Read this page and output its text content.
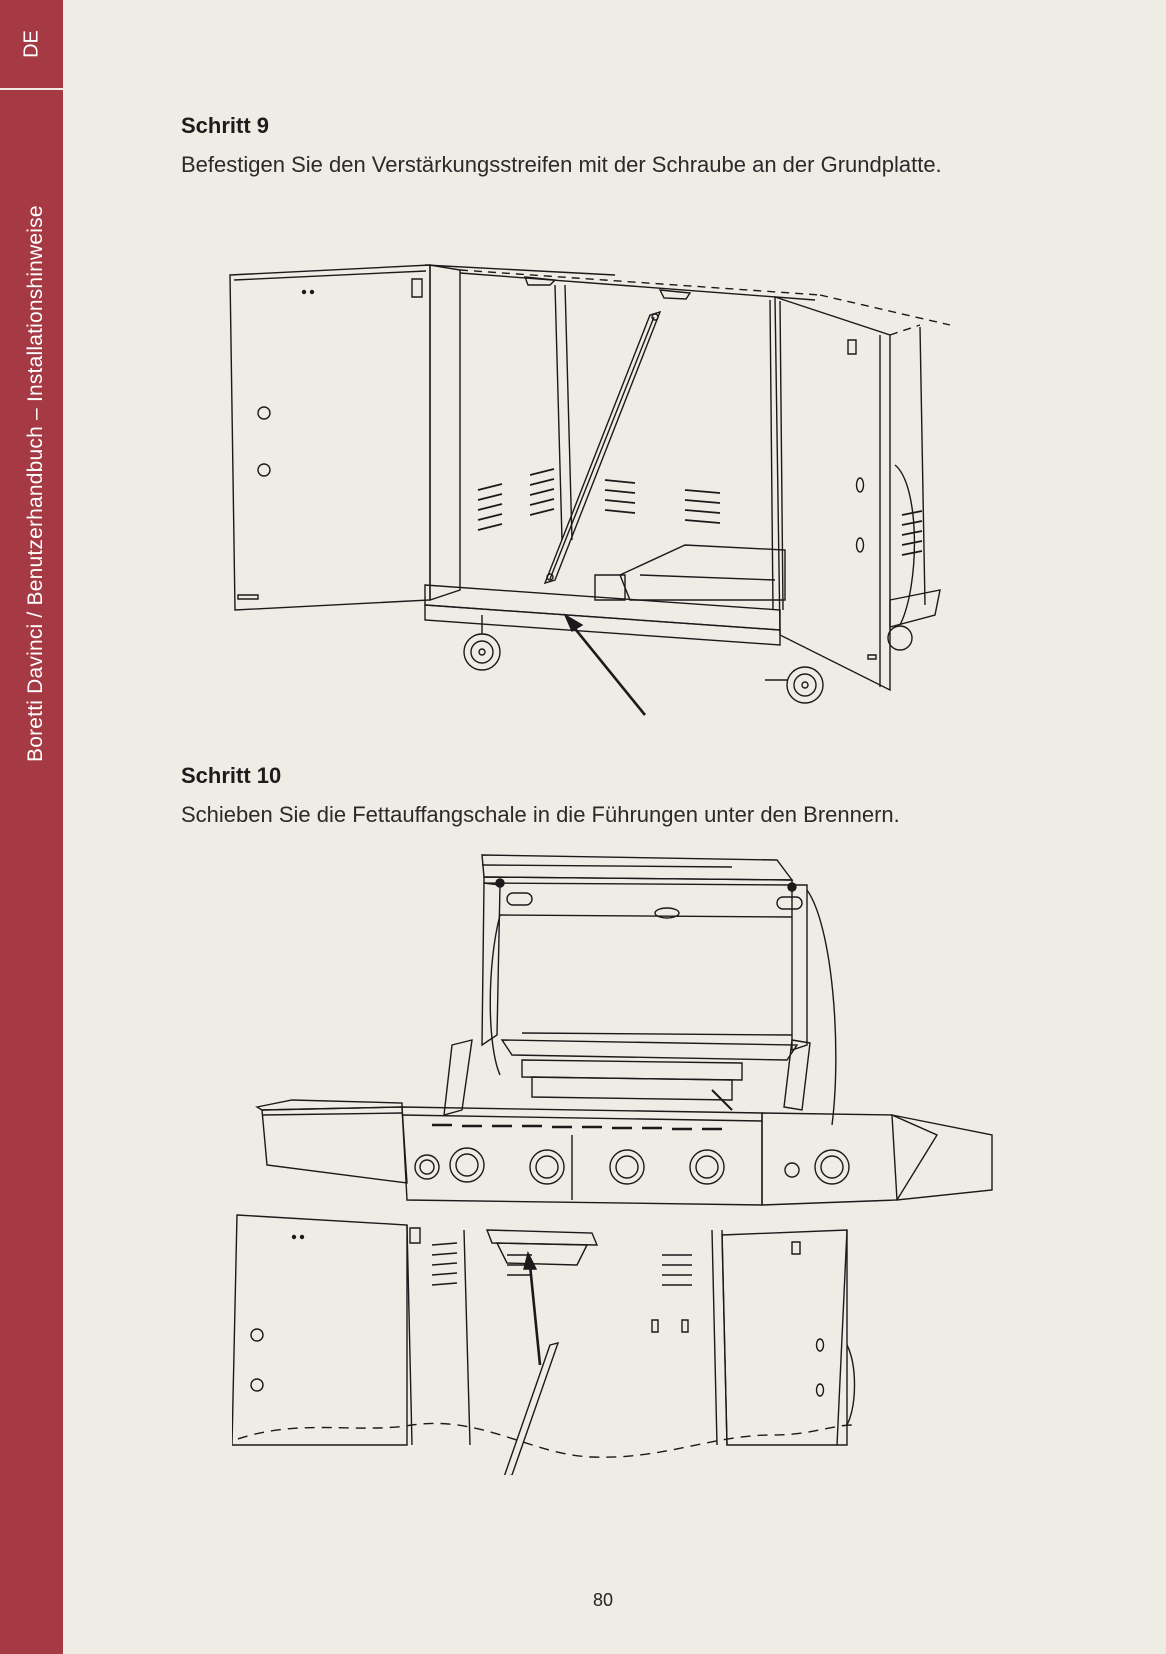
DE
Boretti Davinci / Benutzerhandbuch – Installationshinweise
Schritt 9
Befestigen Sie den Verstärkungsstreifen mit der Schraube an der Grundplatte.
Schritt 10
Schieben Sie die Fettauffangschale in die Führungen unter den Brennern.
80
